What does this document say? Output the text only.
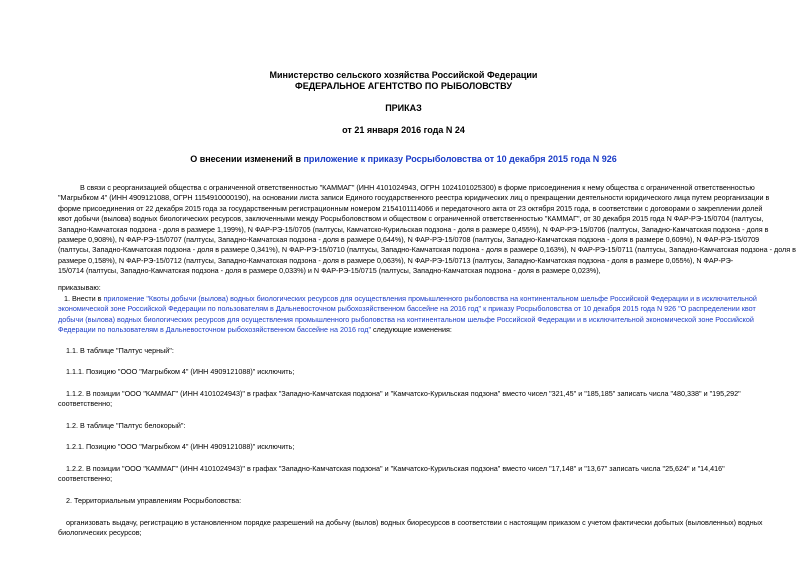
Министерство сельского хозяйства Российской Федерации
ФЕДЕРАЛЬНОЕ АГЕНТСТВО ПО РЫБОЛОВСТВУ
ПРИКАЗ
от 21 января 2016 года N 24
О внесении изменений в приложение к приказу Росрыболовства от 10 декабря 2015 года N 926
В связи с реорганизацией общества с ограниченной ответственностью "КАММАГ" (ИНН 4101024943, ОГРН 1024101025300) в форме присоединения к нему общества с ограниченной ответственностью
"Магрыбком 4" (ИНН 4909121088, ОГРН 1154910000190), на основании листа записи Единого государственного реестра юридических лиц о прекращении деятельности юридического лица путем реорганизации в
форме присоединения от 22 декабря 2015 года за государственным регистрационным номером 2154101114066 и передаточного акта от 23 октября 2015 года, в соответствии с договорами о закреплении долей
квот добычи (вылова) водных биологических ресурсов, заключенными между Росрыболовством и обществом с ограниченной ответственностью "КАММАГ", от 30 декабря 2015 года N ФАР-РЭ-15/0704 (палтусы,
Западно-Камчатская подзона - доля в размере 1,199%), N ФАР-РЭ-15/0705 (палтусы, Камчатско-Курильская подзона - доля в размере 0,455%), N ФАР-РЭ-15/0706 (палтусы, Западно-Камчатская подзона - доля в
размере 0,908%), N ФАР-РЭ-15/0707 (палтусы, Западно-Камчатская подзона - доля в размере 0,644%), N ФАР-РЭ-15/0708 (палтусы, Западно-Камчатская подзона - доля в размере 0,609%), N ФАР-РЭ-15/0709
(палтусы, Западно-Камчатская подзона - доля в размере 0,341%), N ФАР-РЭ-15/0710 (палтусы, Западно-Камчатская подзона - доля в размере 0,163%), N ФАР-РЭ-15/0711 (палтусы, Западно-Камчатская подзона - доля в
размере 0,158%), N ФАР-РЭ-15/0712 (палтусы, Западно-Камчатская подзона - доля в размере 0,063%), N ФАР-РЭ-15/0713 (палтусы, Западно-Камчатская подзона - доля в размере 0,055%), N ФАР-РЭ-
15/0714 (палтусы, Западно-Камчатская подзона - доля в размере 0,033%) и N ФАР-РЭ-15/0715 (палтусы, Западно-Камчатская подзона - доля в размере 0,023%),
приказываю:
1. Внести в приложение "Квоты добычи (вылова) водных биологических ресурсов для осуществления промышленного рыболовства на континентальном шельфе Российской Федерации и в исключительной
экономической зоне Российской Федерации по пользователям в Дальневосточном рыбохозяйственном бассейне на 2016 год" к приказу Росрыболовства от 10 декабря 2015 года N 926 "О распределении квот
добычи (вылова) водных биологических ресурсов для осуществления промышленного рыболовства на континентальном шельфе Российской Федерации и в исключительной экономической зоне Российской
Федерации по пользователям в Дальневосточном рыбохозяйственном бассейне на 2016 год" следующие изменения:
1.1. В таблице "Палтус черный":
1.1.1. Позицию "ООО "Магрыбком 4" (ИНН 4909121088)" исключить;
1.1.2. В позиции "ООО "КАММАГ" (ИНН 4101024943)" в графах "Западно-Камчатская подзона" и "Камчатско-Курильская подзона" вместо чисел "321,45" и "185,185" записать числа "480,338" и "195,292"
соответственно;
1.2. В таблице "Палтус белокорый":
1.2.1. Позицию "ООО "Магрыбком 4" (ИНН 4909121088)" исключить;
1.2.2. В позиции "ООО "КАММАГ" (ИНН 4101024943)" в графах "Западно-Камчатская подзона" и "Камчатско-Курильская подзона" вместо чисел "17,148" и "13,67" записать числа "25,624" и "14,416"
соответственно;
2. Территориальным управлениям Росрыболовства:
организовать выдачу, регистрацию в установленном порядке разрешений на добычу (вылов) водных биоресурсов в соответствии с настоящим приказом с учетом фактически добытых (выловленных) водных
биологических ресурсов;
